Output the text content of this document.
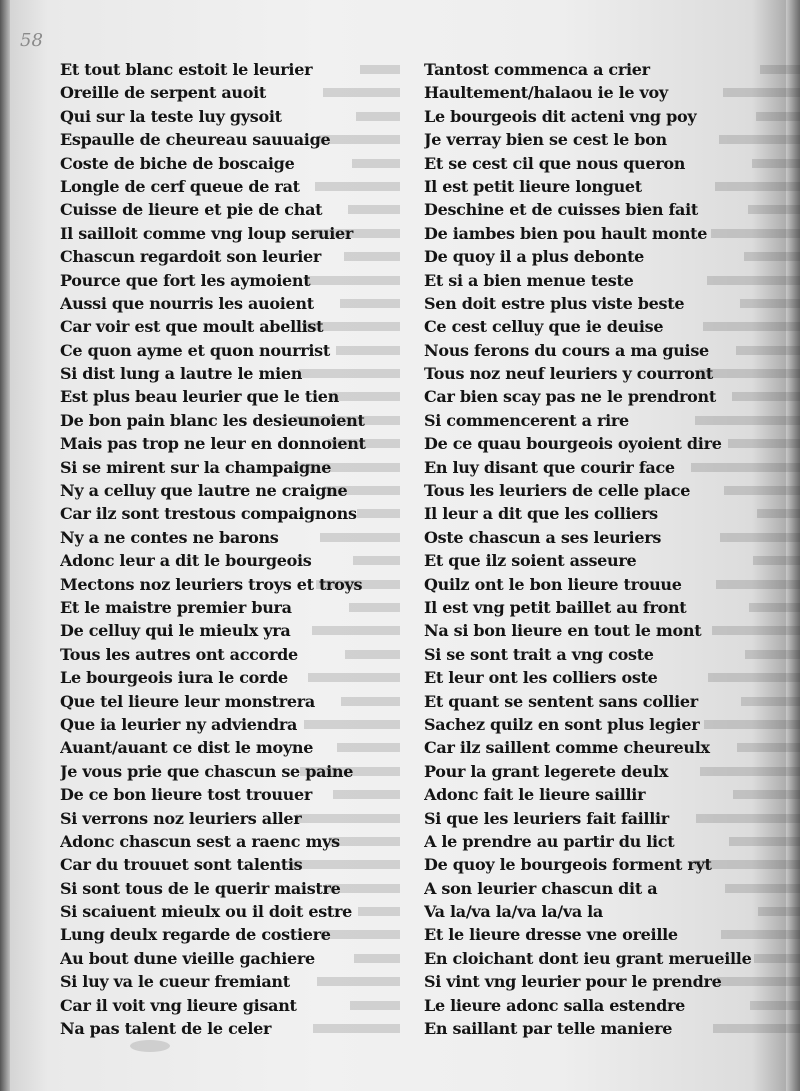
58
Et tout blanc estoit le leurier
Oreille de serpent auoit
Qui sur la teste luy gysoit
Espaulle de cheureau sauuaige
Coste de biche de boscaige
Longle de cerf queue de rat
Cuisse de lieure et pie de chat
Il sailloit comme vng loup seruier
Chascun regardoit son leurier
Pource que fort les aymoient
Aussi que nourris les auoient
Car voir est que moult abellist
Ce quon ayme et quon nourrist
Si dist lung a lautre le mien
Est plus beau leurier que le tien
De bon pain blanc les desieunoient
Mais pas trop ne leur en donnoient
Si se mirent sur la champaigne
Ny a celluy que lautre ne craigne
Car ilz sont trestous compaignons
Ny a ne contes ne barons
Adonc leur a dit le bourgeois
Mectons noz leuriers troys et troys
Et le maistre premier bura
De celluy qui le mieulx yra
Tous les autres ont accorde
Le bourgeois iura le corde
Que tel lieure leur monstrera
Que ia leurier ny adviendra
Auant/auant ce dist le moyne
Je vous prie que chascun se paine
De ce bon lieure tost trouuer
Si verrons noz leuriers aller
Adonc chascun sest a raenc mys
Car du trouuet sont talentis
Si sont tous de le querir maistre
Si scaiuent mieulx ou il doit estre
Lung deulx regarde de costiere
Au bout dune vieille gachiere
Si luy va le cueur fremiant
Car il voit vng lieure gisant
Na pas talent de le celer
Tantost commenca a crier
Haultement/halaou ie le voy
Le bourgeois dit acteni vng poy
Je verray bien se cest le bon
Et se cest cil que nous queron
Il est petit lieure longuet
Deschine et de cuisses bien fait
De iambes bien pou hault monte
De quoy il a plus debonte
Et si a bien menue teste
Sen doit estre plus viste beste
Ce cest celluy que ie deuise
Nous ferons du cours a ma guise
Tous noz neuf leuriers y courront
Car bien scay pas ne le prendront
Si commencerent a rire
De ce quau bourgeois oyoient dire
En luy disant que courir face
Tous les leuriers de celle place
Il leur a dit que les colliers
Oste chascun a ses leuriers
Et que ilz soient asseure
Quilz ont le bon lieure trouue
Il est vng petit baillet au front
Na si bon lieure en tout le mont
Si se sont trait a vng coste
Et leur ont les colliers oste
Et quant se sentent sans collier
Sachez quilz en sont plus legier
Car ilz saillent comme cheureulx
Pour la grant legerete deulx
Adonc fait le lieure saillir
Si que les leuriers fait faillir
A le prendre au partir du lict
De quoy le bourgeois forment ryt
A son leurier chascun dit a
Va la/va la/va la/va la
Et le lieure dresse vne oreille
En cloichant dont ieu grant merueille
Si vint vng leurier pour le prendre
Le lieure adonc salla estendre
En saillant par telle maniere
